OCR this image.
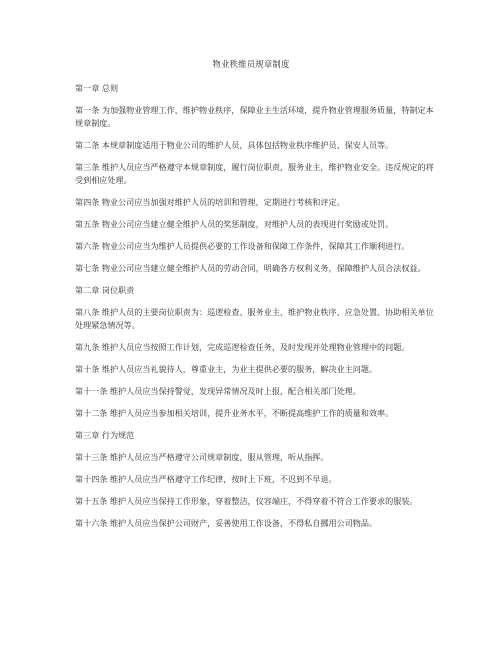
物业秩维员规章制度

第一章 总则

第一条 为加强物业管理工作，维护物业秩序，保障业主生活环境，提升物业管理服务质量，特制定本规章制度。

第二条 本规章制度适用于物业公司的维护人员，具体包括物业秩序维护员、保安人员等。

第三条 维护人员应当严格遵守本规章制度，履行岗位职责，服务业主，维护物业安全。违反规定的将受到相应处理。

第四条 物业公司应当加强对维护人员的培训和管理，定期进行考核和评定。

第五条 物业公司应当建立健全维护人员的奖惩制度，对维护人员的表现进行奖励或处罚。

第六条 物业公司应当为维护人员提供必要的工作设备和保障工作条件，保障其工作顺利进行。

第七条 物业公司应当建立健全维护人员的劳动合同，明确各方权利义务，保障维护人员合法权益。

第二章 岗位职责

第八条 维护人员的主要岗位职责为：巡逻检查、服务业主、维护物业秩序、应急处置、协助相关单位处理紧急情况等。

第九条 维护人员应当按照工作计划，完成巡逻检查任务，及时发现并处理物业管理中的问题。

第十条 维护人员应当礼貌待人，尊重业主，为业主提供必要的服务，解决业主问题。

第十一条 维护人员应当保持警觉，发现异常情况及时上报，配合相关部门处理。

第十二条 维护人员应当参加相关培训，提升业务水平，不断提高维护工作的质量和效率。

第三章 行为规范

第十三条 维护人员应当严格遵守公司规章制度，服从管理，听从指挥。

第十四条 维护人员应当严格遵守工作纪律，按时上下班，不迟到不早退。

第十五条 维护人员应当保持工作形象，穿着整洁，仪容端庄，不得穿着不符合工作要求的服装。

第十六条 维护人员应当保护公司财产，妥善使用工作设备，不得私自挪用公司物品。
